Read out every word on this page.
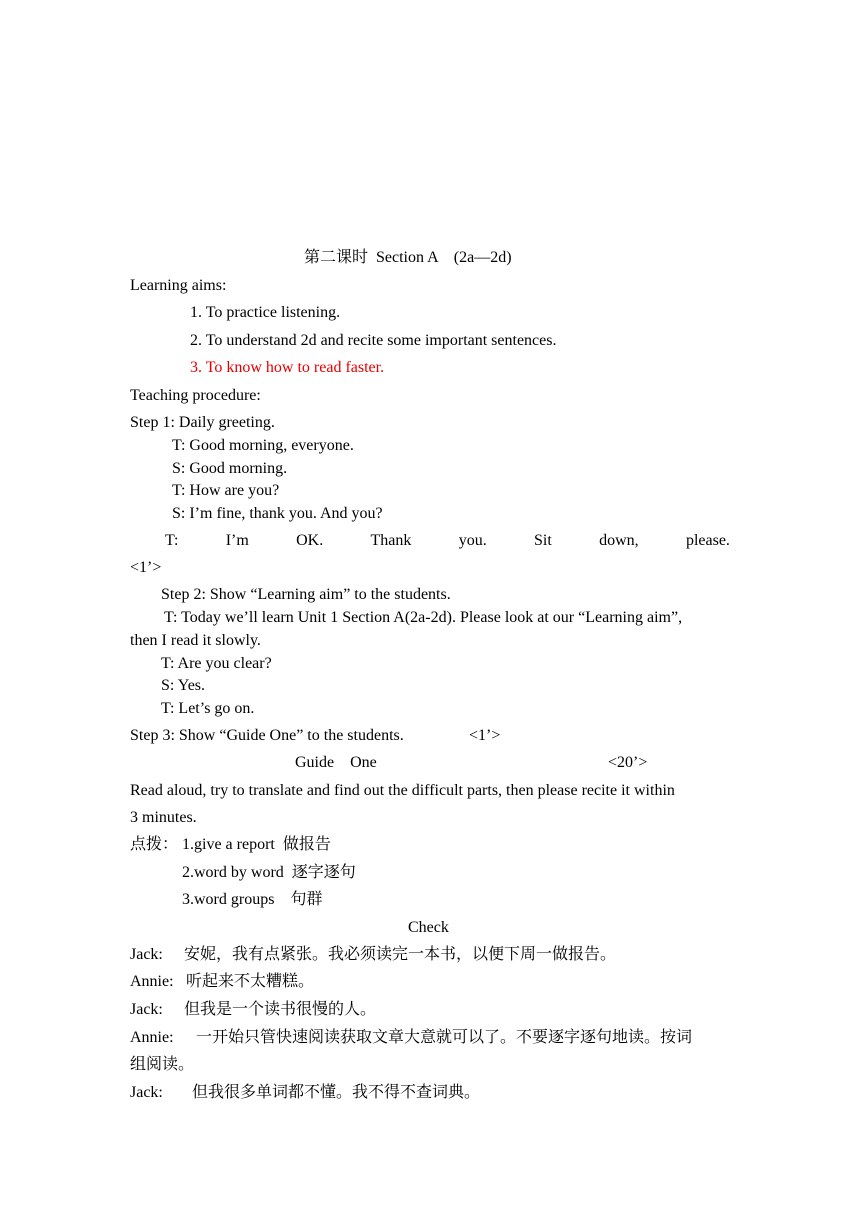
第二课时  Section A    (2a—2d)
Learning aims:
1. To practice listening.
2. To understand 2d and recite some important sentences.
3. To know how to read faster.
Teaching procedure:
Step 1: Daily greeting.
T: Good morning, everyone.
S: Good morning.
T: How are you?
S: I’m fine, thank you. And you?
T:	I’m	OK.	Thank	you.	Sit	down,	please.
<1’>
Step 2: Show “Learning aim” to the students.
T: Today we’ll learn Unit 1 Section A(2a-2d). Please look at our “Learning aim”,
then I read it slowly.
T: Are you clear?
S: Yes.
T: Let’s go on.
Step 3: Show “Guide One” to the students.	<1’>
Guide    One	<20’>
Read aloud, try to translate and find out the difficult parts, then please recite it within
3 minutes.
点拨： 1.give a report  做报告
2.word by word  逐字逐句
3.word groups    句群
Check
Jack: 安妮，我有点紧张。我必须读完一本书，以便下周一做报告。
Annie: 听起来不太糟糕。
Jack: 但我是一个读书很慢的人。
Annie: 一开始只管快速阅读获取文章大意就可以了。不要逐字逐句地读。按词
组阅读。
Jack: 但我很多单词都不懂。我不得不查词典。
